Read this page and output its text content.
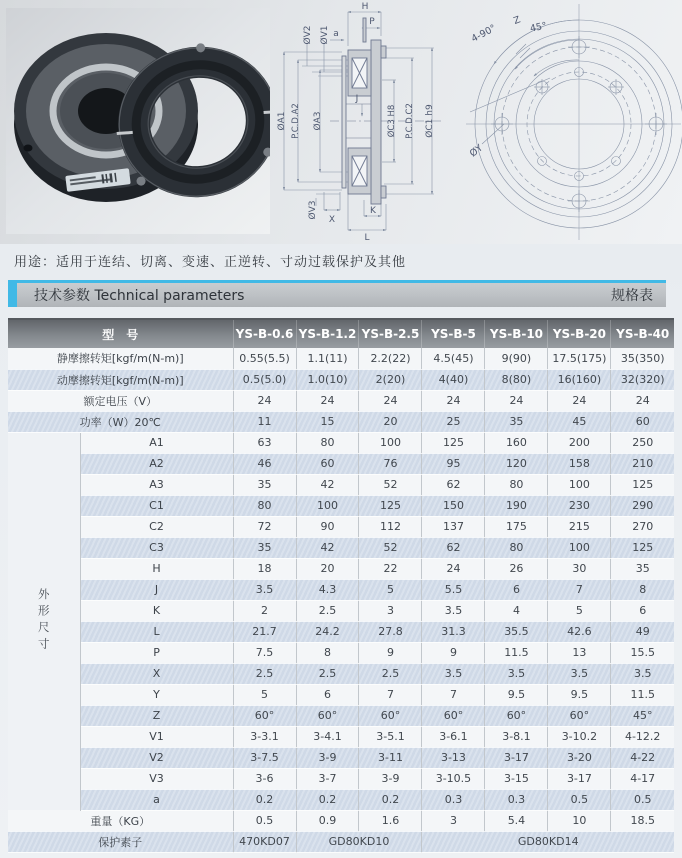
H
P
a
ØV2 ØV1
ØA1 P.C.D.A2 ØA3
J
ØC3 H8 P.C.D.C2 ØC1 h9
ØV3
X
K
L
4-90°
Z 45°
ØY
用途：适用于连结、切离、变速、正逆转、寸动过载保护及其他
技术参数 Technical parameters	规格表
型　号		YS-B-0.6	YS-B-1.2	YS-B-2.5	YS-B-5	YS-B-10	YS-B-20	YS-B-40
静摩擦转矩[kgf/m(N-m)]		0.55(5.5)	1.1(11)	2.2(22)	4.5(45)	9(90)	17.5(175)	35(350)
动摩擦转矩[kgf/m(N-m)]		0.5(5.0)	1.0(10)	2(20)	4(40)	8(80)	16(160)	32(320)
额定电压（V）		24	24	24	24	24	24	24
功率（W）20℃		11	15	20	25	35	45	60
外形尺寸	A1	63	80	100	125	160	200	250
	A2	46	60	76	95	120	158	210
	A3	35	42	52	62	80	100	125
	C1	80	100	125	150	190	230	290
	C2	72	90	112	137	175	215	270
	C3	35	42	52	62	80	100	125
	H	18	20	22	24	26	30	35
	J	3.5	4.3	5	5.5	6	7	8
	K	2	2.5	3	3.5	4	5	6
	L	21.7	24.2	27.8	31.3	35.5	42.6	49
	P	7.5	8	9	9	11.5	13	15.5
	X	2.5	2.5	2.5	3.5	3.5	3.5	3.5
	Y	5	6	7	7	9.5	9.5	11.5
	Z	60°	60°	60°	60°	60°	60°	45°
	V1	3-3.1	3-4.1	3-5.1	3-6.1	3-8.1	3-10.2	4-12.2
	V2	3-7.5	3-9	3-11	3-13	3-17	3-20	4-22
	V3	3-6	3-7	3-9	3-10.5	3-15	3-17	4-17
	a	0.2	0.2	0.2	0.3	0.3	0.5	0.5
重量（KG）		0.5	0.9	1.6	3	5.4	10	18.5
保护素子		470KD07	GD80KD10		GD80KD14			
